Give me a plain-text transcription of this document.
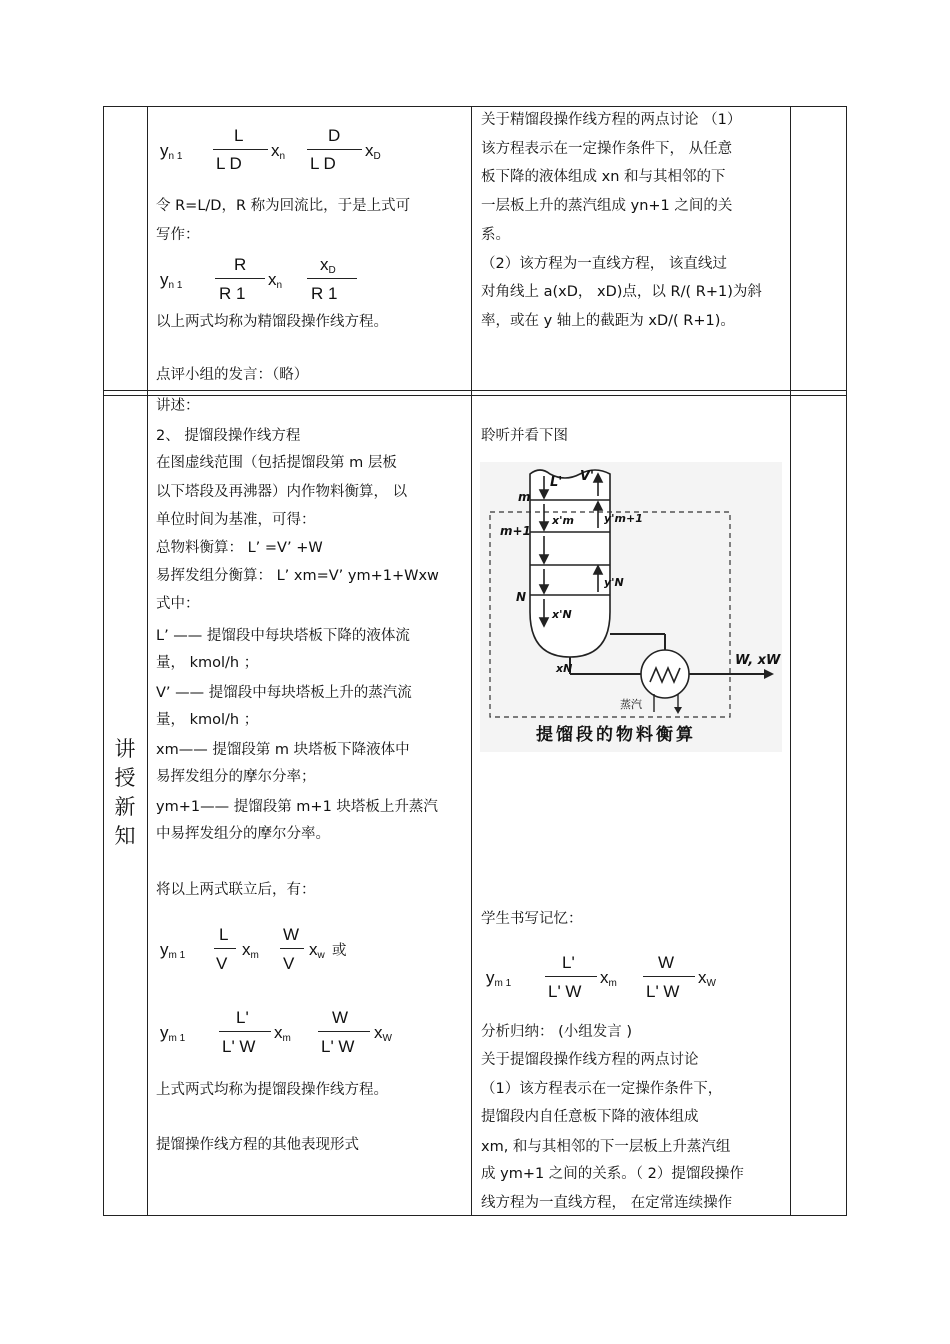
$y_{n 1}$
L
L D
$x_n$
D
L D
$x_D$
令 R=L/D，R 称为回流比，于是上式可
写作：
$y_{n 1}$
R
R 1
$x_n$
$x_D$
R 1
以上两式均称为精馏段操作线方程。
点评小组的发言：（略）
关于精馏段操作线方程的两点讨论 （1）
该方程表示在一定操作条件下， 从任意
板下降的液体组成 xn 和与其相邻的下
一层板上升的蒸汽组成 yn+1 之间的关
系。
（2）该方程为一直线方程， 该直线过
对角线上 a(xD， xD)点，以 R/( R+1)为斜
率，或在 y 轴上的截距为 xD/( R+1)。
讲
授
新
知
讲述：
2、 提馏段操作线方程
在图虚线范围（包括提馏段第 m 层板
以下塔段及再沸器）内作物料衡算， 以
单位时间为基准，可得：
总物料衡算： L’ =V’ +W
易挥发组分衡算： L’ xm=V’ ym+1+Wxw
式中：
L’ —— 提馏段中每块塔板下降的液体流
量， kmol/h ；
V’ —— 提馏段中每块塔板上升的蒸汽流
量， kmol/h ；
xm—— 提馏段第 m 块塔板下降液体中
易挥发组分的摩尔分率；
ym+1—— 提馏段第 m+1 块塔板上升蒸汽
中易挥发组分的摩尔分率。
将以上两式联立后，有：
$y_{m 1}$
L
V
$x_m$
W
V
$x_w$ 或
$y_{m 1}$
L'
L' W
$x_m$
W
L' W
$x_W$
上式两式均称为提馏段操作线方程。
提馏操作线方程的其他表现形式
聆听并看下图
L' V'
m
m+1
N
x'm	y'm+1
y'N
x'N
xN
W, xW
蒸汽
提馏段的物料衡算
学生书写记忆：
$y_{m 1}$
L'
L' W
$x_m$
W
L' W
$x_W$
分析归纳： (小组发言 )
关于提馏段操作线方程的两点讨论
（1）该方程表示在一定操作条件下，
提馏段内自任意板下降的液体组成
xm, 和与其相邻的下一层板上升蒸汽组
成 ym+1 之间的关系。（ 2）提馏段操作
线方程为一直线方程， 在定常连续操作
